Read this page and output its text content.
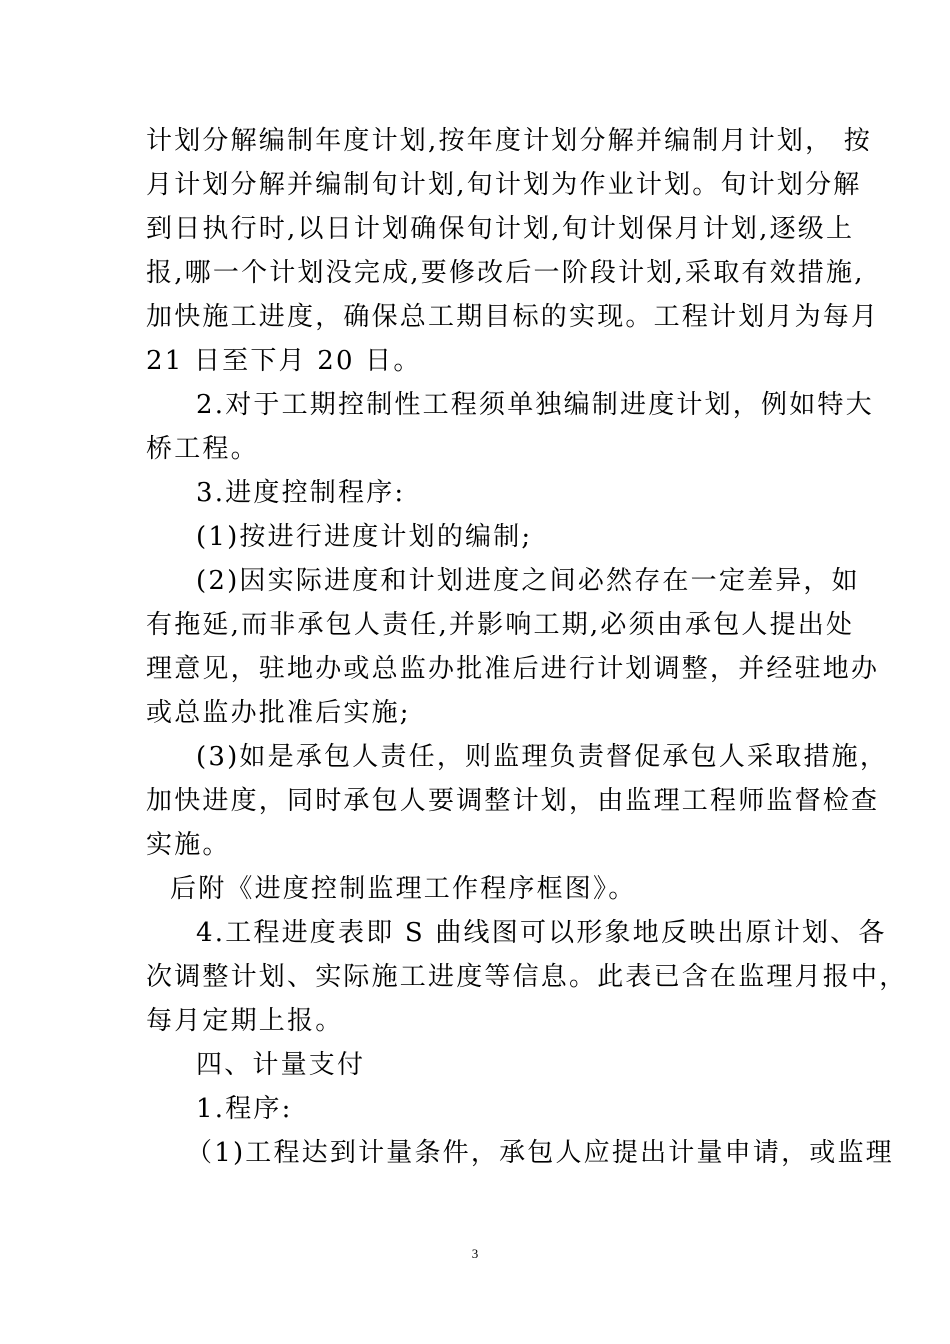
计划分解编制年度计划,按年度计划分解并编制月计划， 按
月计划分解并编制旬计划,旬计划为作业计划。旬计划分解
到日执行时,以日计划确保旬计划,旬计划保月计划,逐级上
报,哪一个计划没完成,要修改后一阶段计划,采取有效措施,
加快施工进度，确保总工期目标的实现。工程计划月为每月
21 日至下月 20 日。
2.对于工期控制性工程须单独编制进度计划，例如特大
桥工程。
3.进度控制程序:
(1)按进行进度计划的编制;
(2)因实际进度和计划进度之间必然存在一定差异，如
有拖延,而非承包人责任,并影响工期,必须由承包人提出处
理意见，驻地办或总监办批准后进行计划调整，并经驻地办
或总监办批准后实施;
(3)如是承包人责任，则监理负责督促承包人采取措施，
加快进度，同时承包人要调整计划，由监理工程师监督检查
实施。
后附《进度控制监理工作程序框图》。
4.工程进度表即 S 曲线图可以形象地反映出原计划、各
次调整计划、实际施工进度等信息。此表已含在监理月报中，
每月定期上报。
四、计量支付
1.程序:
（1)工程达到计量条件，承包人应提出计量申请，或监理
3
